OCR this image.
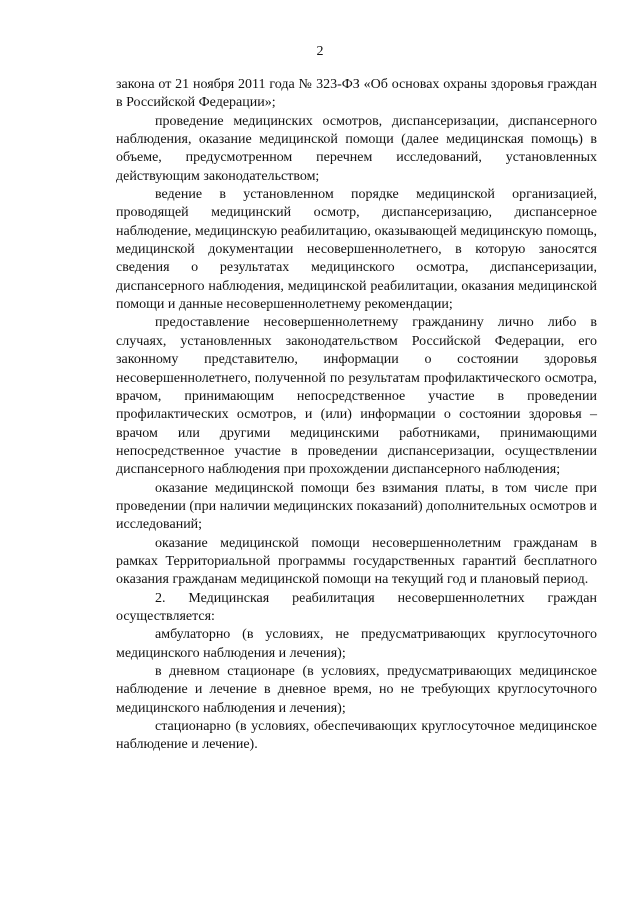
2

закона от 21 ноября 2011 года № 323-ФЗ «Об основах охраны здоровья граждан в Российской Федерации»;

проведение медицинских осмотров, диспансеризации, диспансерного наблюдения, оказание медицинской помощи (далее медицинская помощь) в объеме, предусмотренном перечнем исследований, установленных действующим законодательством;

ведение в установленном порядке медицинской организацией, проводящей медицинский осмотр, диспансеризацию, диспансерное наблюдение, медицинскую реабилитацию, оказывающей медицинскую помощь, медицинской документации несовершеннолетнего, в которую заносятся сведения о результатах медицинского осмотра, диспансеризации, диспансерного наблюдения, медицинской реабилитации, оказания медицинской помощи и данные несовершеннолетнему рекомендации;

предоставление несовершеннолетнему гражданину лично либо в случаях, установленных законодательством Российской Федерации, его законному представителю, информации о состоянии здоровья несовершеннолетнего, полученной по результатам профилактического осмотра, врачом, принимающим непосредственное участие в проведении профилактических осмотров, и (или) информации о состоянии здоровья – врачом или другими медицинскими работниками, принимающими непосредственное участие в проведении диспансеризации, осуществлении диспансерного наблюдения при прохождении диспансерного наблюдения;

оказание медицинской помощи без взимания платы, в том числе при проведении (при наличии медицинских показаний) дополнительных осмотров и исследований;

оказание медицинской помощи несовершеннолетним гражданам в рамках Территориальной программы государственных гарантий бесплатного оказания гражданам медицинской помощи на текущий год и плановый период.

2. Медицинская реабилитация несовершеннолетних граждан осуществляется:

амбулаторно (в условиях, не предусматривающих круглосуточного медицинского наблюдения и лечения);

в дневном стационаре (в условиях, предусматривающих медицинское наблюдение и лечение в дневное время, но не требующих круглосуточного медицинского наблюдения и лечения);

стационарно (в условиях, обеспечивающих круглосуточное медицинское наблюдение и лечение).
